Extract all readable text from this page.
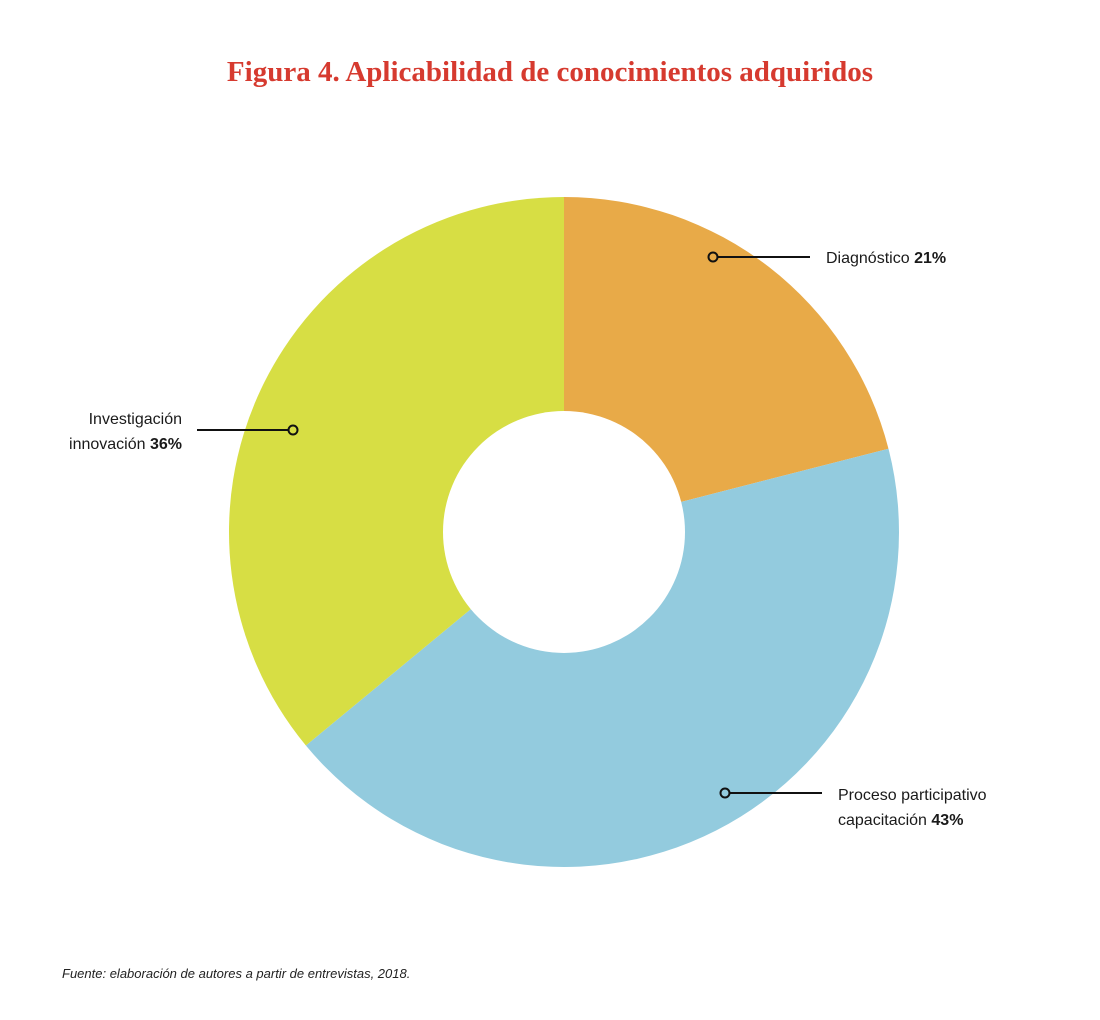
Figura 4. Aplicabilidad de conocimientos adquiridos
Diagnóstico 21%
Proceso participativo
capacitación 43%
Investigación
innovación 36%
Fuente: elaboración de autores a partir de entrevistas, 2018.
